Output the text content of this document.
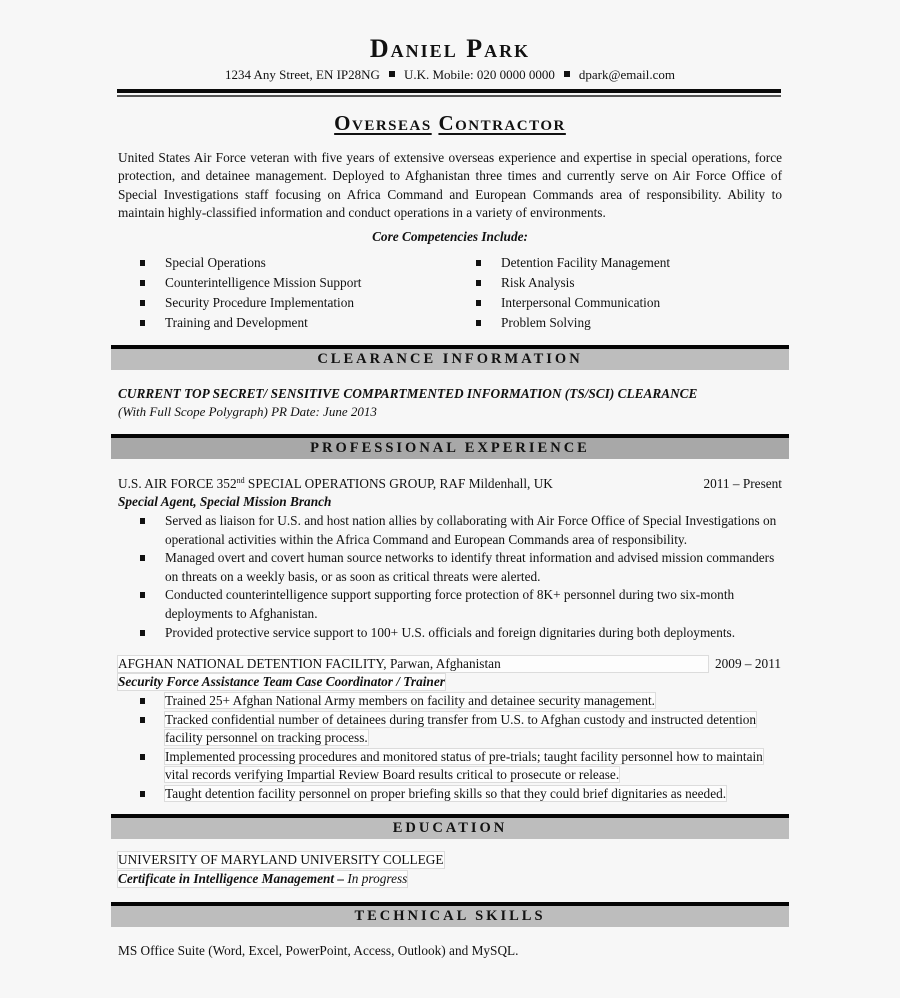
Daniel Park
1234 Any Street, EN IP28NG U.K. Mobile: 020 0000 0000 dpark@email.com
Overseas Contractor
United States Air Force veteran with five years of extensive overseas experience and expertise in special operations, force protection, and detainee management. Deployed to Afghanistan three times and currently serve on Air Force Office of Special Investigations staff focusing on Africa Command and European Commands area of responsibility. Ability to maintain highly-classified information and conduct operations in a variety of environments.
Core Competencies Include:
Special Operations
Counterintelligence Mission Support
Security Procedure Implementation
Training and Development
Detention Facility Management
Risk Analysis
Interpersonal Communication
Problem Solving
CLEARANCE INFORMATION
CURRENT TOP SECRET/ SENSITIVE COMPARTMENTED INFORMATION (TS/SCI) CLEARANCE
(With Full Scope Polygraph) PR Date: June 2013
PROFESSIONAL EXPERIENCE
U.S. AIR FORCE 352nd SPECIAL OPERATIONS GROUP, RAF Mildenhall, UK	2011 – Present
Special Agent, Special Mission Branch
Served as liaison for U.S. and host nation allies by collaborating with Air Force Office of Special Investigations on operational activities within the Africa Command and European Commands area of responsibility.
Managed overt and covert human source networks to identify threat information and advised mission commanders on threats on a weekly basis, or as soon as critical threats were alerted.
Conducted counterintelligence support supporting force protection of 8K+ personnel during two six-month deployments to Afghanistan.
Provided protective service support to 100+ U.S. officials and foreign dignitaries during both deployments.
AFGHAN NATIONAL DETENTION FACILITY, Parwan, Afghanistan	2009 – 2011
Security Force Assistance Team Case Coordinator / Trainer
Trained 25+ Afghan National Army members on facility and detainee security management.
Tracked confidential number of detainees during transfer from U.S. to Afghan custody and instructed detention facility personnel on tracking process.
Implemented processing procedures and monitored status of pre-trials; taught facility personnel how to maintain vital records verifying Impartial Review Board results critical to prosecute or release.
Taught detention facility personnel on proper briefing skills so that they could brief dignitaries as needed.
EDUCATION
UNIVERSITY OF MARYLAND UNIVERSITY COLLEGE
Certificate in Intelligence Management – In progress
TECHNICAL SKILLS
MS Office Suite (Word, Excel, PowerPoint, Access, Outlook) and MySQL.
